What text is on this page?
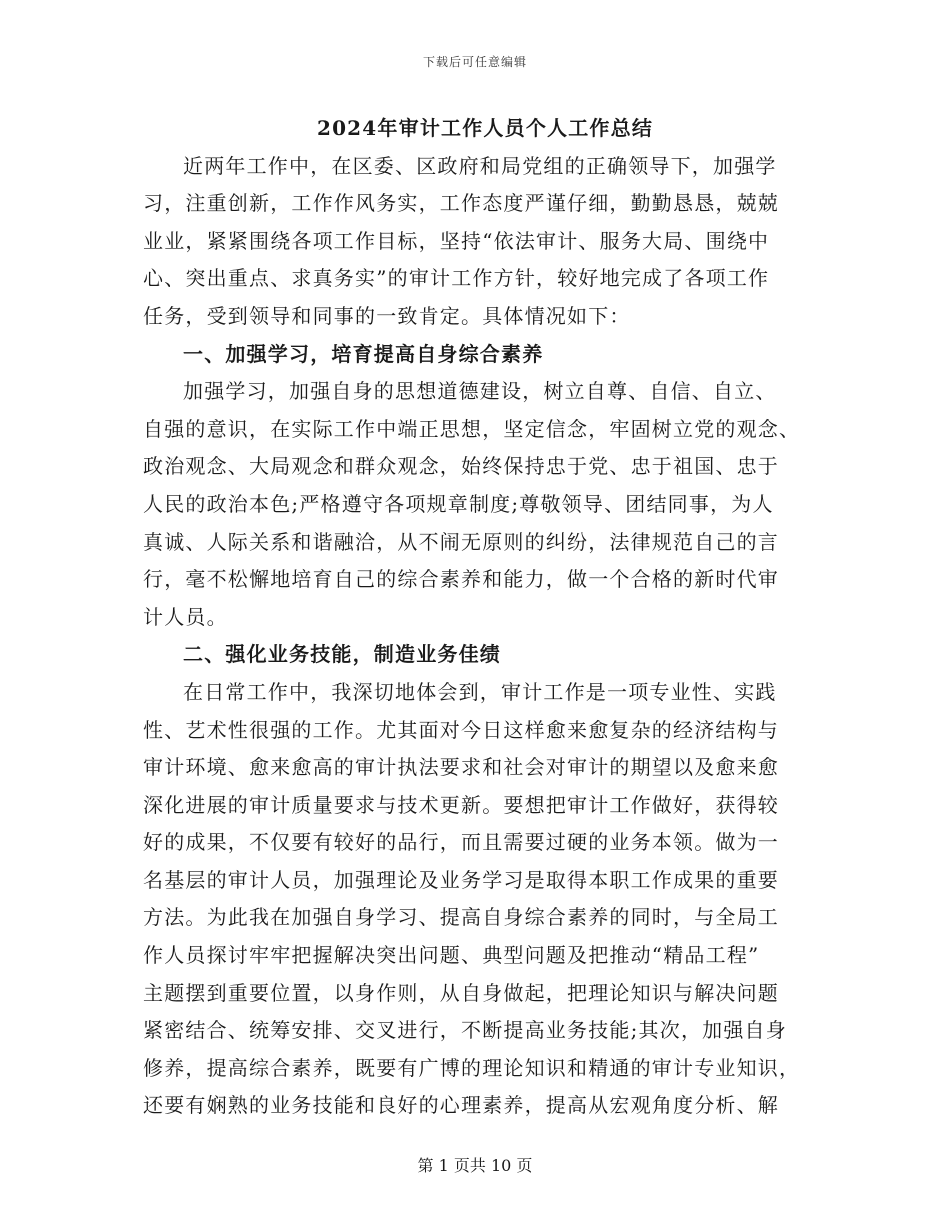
下载后可任意编辑
2024年审计工作人员个人工作总结

近两年工作中，在区委、区政府和局党组的正确领导下，加强学
习，注重创新，工作作风务实，工作态度严谨仔细，勤勤恳恳，兢兢
业业，紧紧围绕各项工作目标，坚持“依法审计、服务大局、围绕中
心、突出重点、求真务实”的审计工作方针，较好地完成了各项工作
任务，受到领导和同事的一致肯定。具体情况如下：

一、加强学习，培育提高自身综合素养

加强学习，加强自身的思想道德建设，树立自尊、自信、自立、
自强的意识，在实际工作中端正思想，坚定信念，牢固树立党的观念、
政治观念、大局观念和群众观念，始终保持忠于党、忠于祖国、忠于
人民的政治本色;严格遵守各项规章制度;尊敬领导、团结同事，为人
真诚、人际关系和谐融洽，从不闹无原则的纠纷，法律规范自己的言
行，毫不松懈地培育自己的综合素养和能力，做一个合格的新时代审
计人员。

二、强化业务技能，制造业务佳绩

在日常工作中，我深切地体会到，审计工作是一项专业性、实践
性、艺术性很强的工作。尤其面对今日这样愈来愈复杂的经济结构与
审计环境、愈来愈高的审计执法要求和社会对审计的期望以及愈来愈
深化进展的审计质量要求与技术更新。要想把审计工作做好，获得较
好的成果，不仅要有较好的品行，而且需要过硬的业务本领。做为一
名基层的审计人员，加强理论及业务学习是取得本职工作成果的重要
方法。为此我在加强自身学习、提高自身综合素养的同时，与全局工
作人员探讨牢牢把握解决突出问题、典型问题及把推动“精品工程”
主题摆到重要位置，以身作则，从自身做起，把理论知识与解决问题
紧密结合、统筹安排、交叉进行，不断提高业务技能;其次，加强自身
修养，提高综合素养，既要有广博的理论知识和精通的审计专业知识，
还要有娴熟的业务技能和良好的心理素养，提高从宏观角度分析、解

第 1 页共 10 页
